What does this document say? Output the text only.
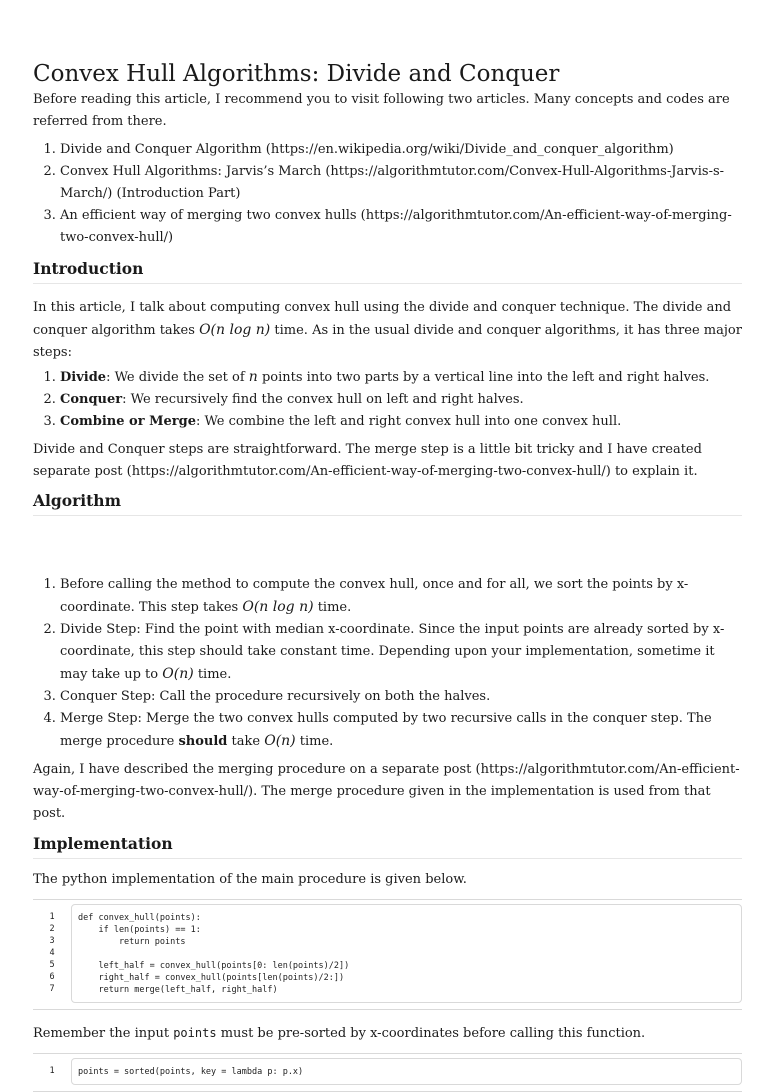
Convex Hull Algorithms: Divide and Conquer

Before reading this article, I recommend you to visit following two articles. Many concepts and codes are referred from there.

1. Divide and Conquer Algorithm (https://en.wikipedia.org/wiki/Divide_and_conquer_algorithm)
2. Convex Hull Algorithms: Jarvis’s March (https://algorithmtutor.com/Convex-Hull-Algorithms-Jarvis-s-March/) (Introduction Part)
3. An efficient way of merging two convex hulls (https://algorithmtutor.com/An-efficient-way-of-merging-two-convex-hull/)
Introduction

In this article, I talk about computing convex hull using the divide and conquer technique. The divide and conquer algorithm takes O(n log n) time. As in the usual divide and conquer algorithms, it has three major steps:

1. Divide: We divide the set of n points into two parts by a vertical line into the left and right halves.
2. Conquer: We recursively find the convex hull on left and right halves.
3. Combine or Merge: We combine the left and right convex hull into one convex hull.

Divide and Conquer steps are straightforward. The merge step is a little bit tricky and I have created separate post (https://algorithmtutor.com/An-efficient-way-of-merging-two-convex-hull/) to explain it.

Algorithm
1. Before calling the method to compute the convex hull, once and for all, we sort the points by x-coordinate. This step takes O(n log n) time.
2. Divide Step: Find the point with median x-coordinate. Since the input points are already sorted by x-coordinate, this step should take constant time. Depending upon your implementation, sometime it may take up to O(n) time.
3. Conquer Step: Call the procedure recursively on both the halves.
4. Merge Step: Merge the two convex hulls computed by two recursive calls in the conquer step. The merge procedure should take O(n) time.

Again, I have described the merging procedure on a separate post (https://algorithmtutor.com/An-efficient-way-of-merging-two-convex-hull/). The merge procedure given in the implementation is used from that post.

Implementation

The python implementation of the main procedure is given below.

1
2
3
4
5
6
7
def convex_hull(points):
if len(points) == 1:
return points
left_half = convex_hull(points[0: len(points)/2])
right_half = convex_hull(points[len(points)/2:])
return merge(left_half, right_half)

Remember the input points must be pre-sorted by x-coordinates before calling this function.

1	points = sorted(points, key = lambda p: p.x)
